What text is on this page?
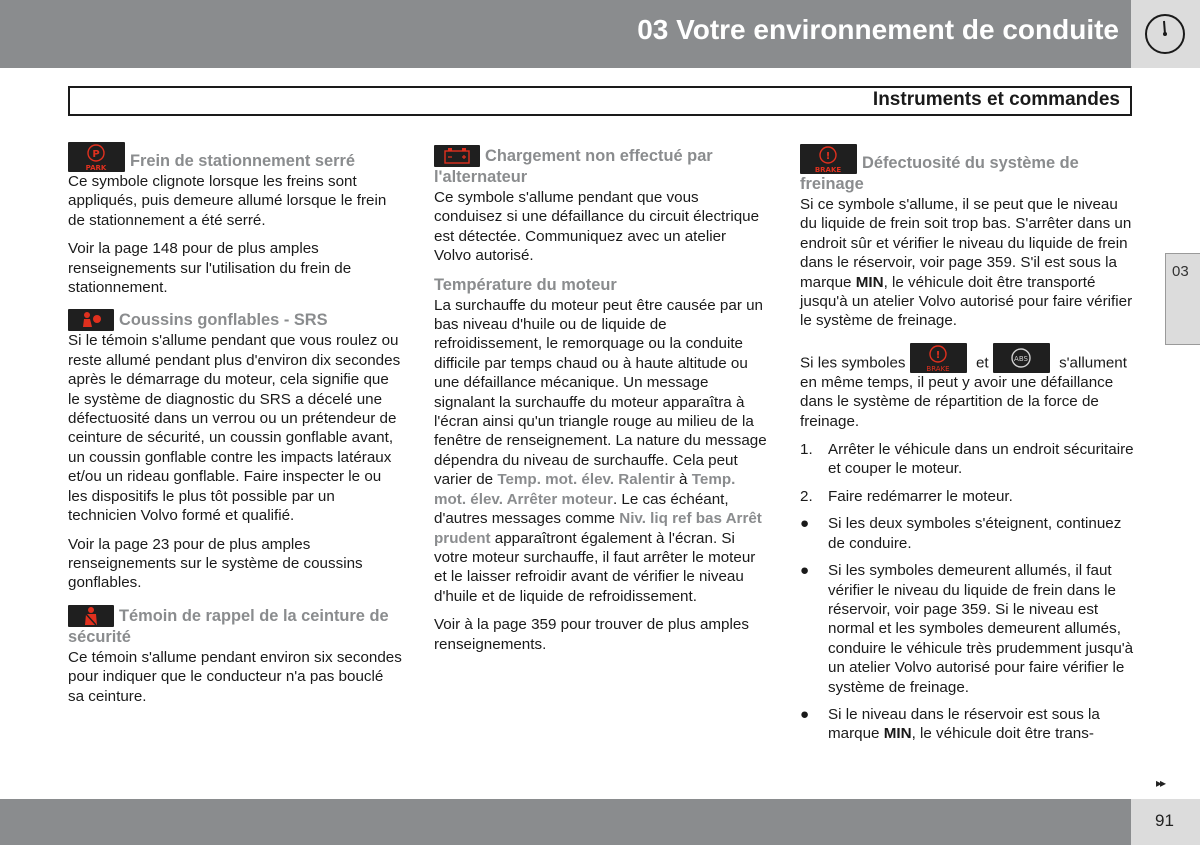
03 Votre environnement de conduite
Instruments et commandes
P
PARK Frein de stationnement serré

Ce symbole clignote lorsque les freins sont appliqués, puis demeure allumé lorsque le frein de stationnement a été serré.

Voir la page 148 pour de plus amples renseignements sur l'utilisation du frein de stationnement.

Coussins gonflables - SRS

Si le témoin s'allume pendant que vous roulez ou reste allumé pendant plus d'environ dix secondes après le démarrage du moteur, cela signifie que le système de diagnostic du SRS a décelé une défectuosité dans un verrou ou un prétendeur de ceinture de sécurité, un coussin gonflable avant, un coussin gonflable contre les impacts latéraux et/ou un rideau gonflable. Faire inspecter le ou les dispositifs le plus tôt possible par un technicien Volvo formé et qualifié.

Voir la page 23 pour de plus amples renseignements sur le système de coussins gonflables.

Témoin de rappel de la ceinture de sécurité

Ce témoin s'allume pendant environ six secondes pour indiquer que le conducteur n'a pas bouclé sa ceinture.

Chargement non effectué par l'alternateur

Ce symbole s'allume pendant que vous conduisez si une défaillance du circuit électrique est détectée. Communiquez avec un atelier Volvo autorisé.

Température du moteur

La surchauffe du moteur peut être causée par un bas niveau d'huile ou de liquide de refroidissement, le remorquage ou la conduite difficile par temps chaud ou à haute altitude ou une défaillance mécanique. Un message signalant la surchauffe du moteur apparaîtra à l'écran ainsi qu'un triangle rouge au milieu de la fenêtre de renseignement. La nature du message dépendra du niveau de surchauffe. Cela peut varier de Temp. mot. élev. Ralentir à Temp. mot. élev. Arrêter moteur. Le cas échéant, d'autres messages comme Niv. liq ref bas Arrêt prudent apparaîtront également à l'écran. Si votre moteur surchauffe, il faut arrêter le moteur et le laisser refroidir avant de vérifier le niveau d'huile et de liquide de refroidissement.

Voir à la page 359 pour trouver de plus amples renseignements.

!
BRAKE Défectuosité du système de freinage

Si ce symbole s'allume, il se peut que le niveau du liquide de frein soit trop bas. S'arrêter dans un endroit sûr et vérifier le niveau du liquide de frein dans le réservoir, voir page 359. S'il est sous la marque MIN, le véhicule doit être transporté jusqu'à un atelier Volvo autorisé pour faire vérifier le système de freinage.

Si les symboles	!
BRAKE et	ABS s'allument en même temps, il peut y avoir une défaillance dans le système de répartition de la force de freinage.

1.	Arrêter le véhicule dans un endroit sécuritaire et couper le moteur.
2.	Faire redémarrer le moteur.
●	Si les deux symboles s'éteignent, continuez de conduire.
●	Si les symboles demeurent allumés, il faut vérifier le niveau du liquide de frein dans le réservoir, voir page 359. Si le niveau est normal et les symboles demeurent allumés, conduire le véhicule très prudemment jusqu'à un atelier Volvo autorisé pour faire vérifier le système de freinage.
●	Si le niveau dans le réservoir est sous la marque MIN, le véhicule doit être trans-
03
▸▸
91
